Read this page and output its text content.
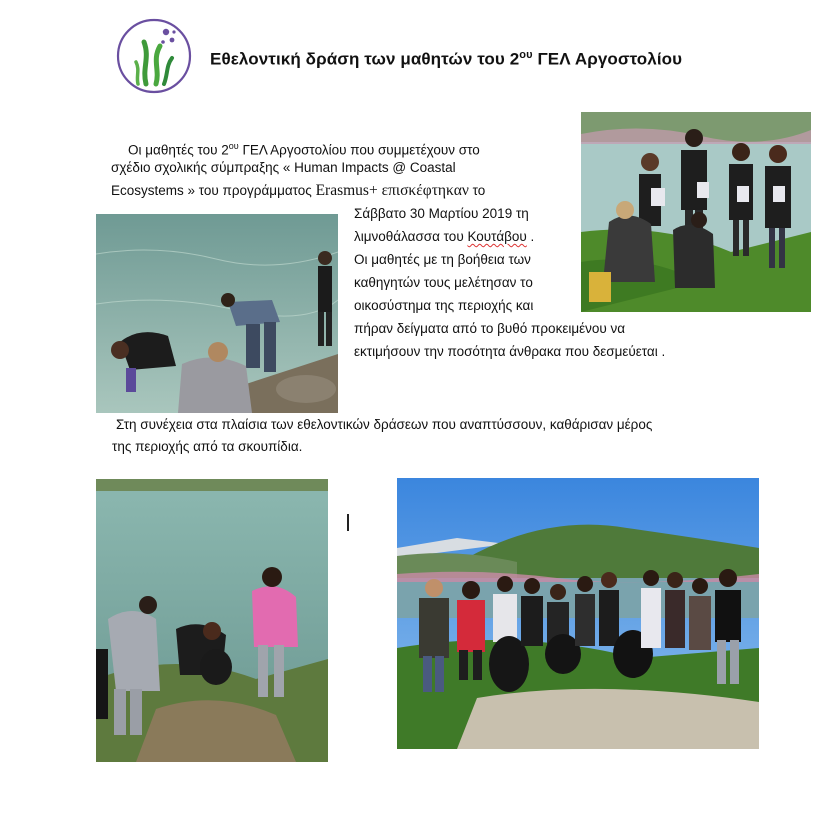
Εθελοντική δράση των μαθητών του $2^{o\upsilon}$ ΓΕΛ Αργοστολίου
Οι μαθητές του $2^{o\upsilon}$ ΓΕΛ Αργοστολίου που συμμετέχουν στο
σχέδιο σχολικής σύμπραξης « Human Impacts @ Coastal
Ecosystems » του προγράμματος Erasmus+ επισκέφτηκαν το
Σάββατο 30 Μαρτίου 2019 τη
λιμνοθάλασσα του Κουτάβου .
Οι μαθητές με τη βοήθεια των
καθηγητών τους μελέτησαν το
οικοσύστημα της περιοχής και
πήραν δείγματα από το βυθό προκειμένου να
εκτιμήσουν την ποσότητα άνθρακα που δεσμεύεται .
Στη συνέχεια στα πλαίσια των εθελοντικών δράσεων που αναπτύσσουν, καθάρισαν μέρος
της περιοχής από τα σκουπίδια.
